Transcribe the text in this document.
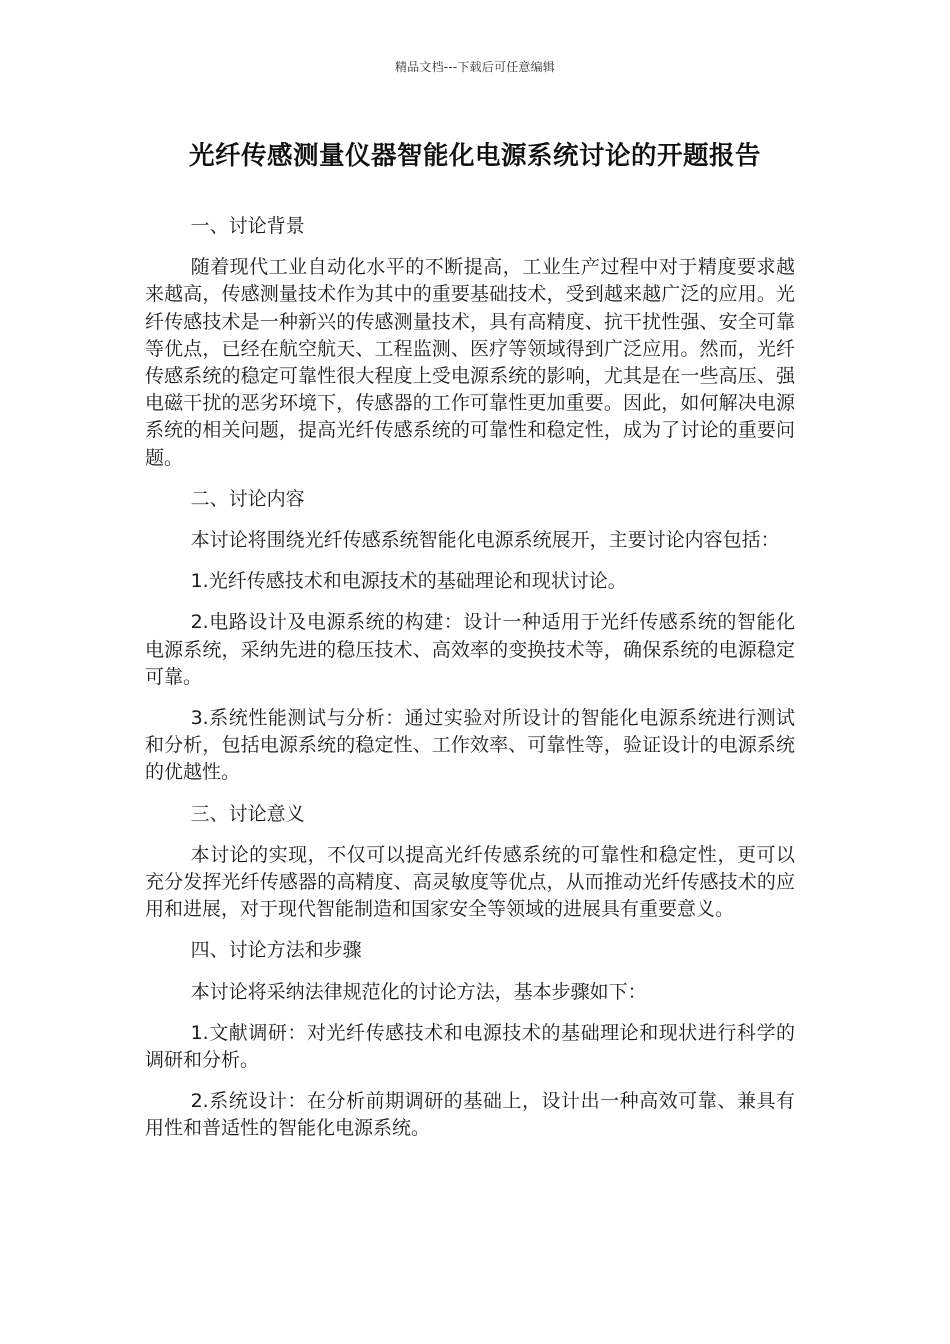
精品文档---下载后可任意编辑
光纤传感测量仪器智能化电源系统讨论的开题报告

一、讨论背景

随着现代工业自动化水平的不断提高，工业生产过程中对于精度要求越来越高，传感测量技术作为其中的重要基础技术，受到越来越广泛的应用。光纤传感技术是一种新兴的传感测量技术，具有高精度、抗干扰性强、安全可靠等优点，已经在航空航天、工程监测、医疗等领域得到广泛应用。然而，光纤传感系统的稳定可靠性很大程度上受电源系统的影响，尤其是在一些高压、强电磁干扰的恶劣环境下，传感器的工作可靠性更加重要。因此，如何解决电源系统的相关问题，提高光纤传感系统的可靠性和稳定性，成为了讨论的重要问题。

二、讨论内容

本讨论将围绕光纤传感系统智能化电源系统展开，主要讨论内容包括：

1.光纤传感技术和电源技术的基础理论和现状讨论。

2.电路设计及电源系统的构建：设计一种适用于光纤传感系统的智能化电源系统，采纳先进的稳压技术、高效率的变换技术等，确保系统的电源稳定可靠。

3.系统性能测试与分析：通过实验对所设计的智能化电源系统进行测试和分析，包括电源系统的稳定性、工作效率、可靠性等，验证设计的电源系统的优越性。

三、讨论意义

本讨论的实现，不仅可以提高光纤传感系统的可靠性和稳定性，更可以充分发挥光纤传感器的高精度、高灵敏度等优点，从而推动光纤传感技术的应用和进展，对于现代智能制造和国家安全等领域的进展具有重要意义。

四、讨论方法和步骤

本讨论将采纳法律规范化的讨论方法，基本步骤如下：

1.文献调研：对光纤传感技术和电源技术的基础理论和现状进行科学的调研和分析。

2.系统设计：在分析前期调研的基础上，设计出一种高效可靠、兼具有用性和普适性的智能化电源系统。
